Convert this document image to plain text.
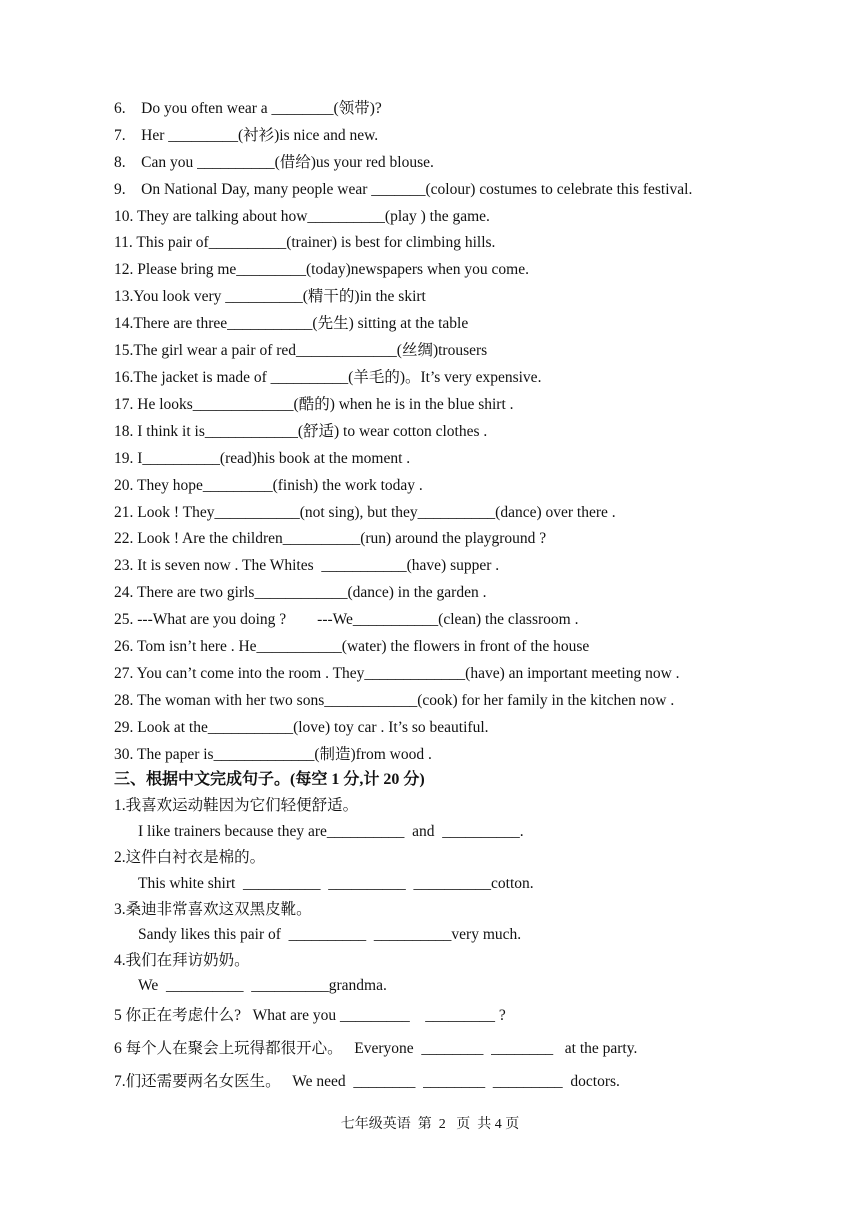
6.    Do you often wear a ________(领带)?
7.    Her _________(衬衫)is nice and new.
8.    Can you __________(借给)us your red blouse.
9.    On National Day, many people wear _______(colour) costumes to celebrate this festival.
10. They are talking about how__________(play ) the game.
11. This pair of__________(trainer) is best for climbing hills.
12. Please bring me_________(today)newspapers when you come.
13.You look very __________(精干的)in the skirt
14.There are three___________(先生) sitting at the table
15.The girl wear a pair of red_____________(丝绸)trousers
16.The jacket is made of __________(羊毛的)。It’s very expensive.
17. He looks_____________(酷的) when he is in the blue shirt .
18. I think it is____________(舒适) to wear cotton clothes .
19. I__________(read)his book at the moment .
20. They hope_________(finish) the work today .
21. Look ! They___________(not sing), but they__________(dance) over there .
22. Look ! Are the children__________(run) around the playground ?
23. It is seven now . The Whites  ___________(have) supper .
24. There are two girls____________(dance) in the garden .
25. ---What are you doing ?        ---We___________(clean) the classroom .
26. Tom isn’t here . He___________(water) the flowers in front of the house
27. You can’t come into the room . They_____________(have) an important meeting now .
28. The woman with her two sons____________(cook) for her family in the kitchen now .
29. Look at the___________(love) toy car . It’s so beautiful.
30. The paper is_____________(制造)from wood .
三、根据中文完成句子。(每空 1 分,计 20 分)
1.我喜欢运动鞋因为它们轻便舒适。
I like trainers because they are__________  and  __________.
2.这件白衬衣是棉的。
This white shirt  __________  __________  __________cotton.
3.桑迪非常喜欢这双黑皮靴。
Sandy likes this pair of  __________  __________very much.
4.我们在拜访奶奶。
We  __________  __________grandma.
5 你正在考虑什么?   What are you _________    _________ ?
6 每个人在聚会上玩得都很开心。   Everyone  ________  ________   at the party.
7.们还需要两名女医生。   We need  ________  ________  _________  doctors.
七年级英语  第  2   页  共 4 页
